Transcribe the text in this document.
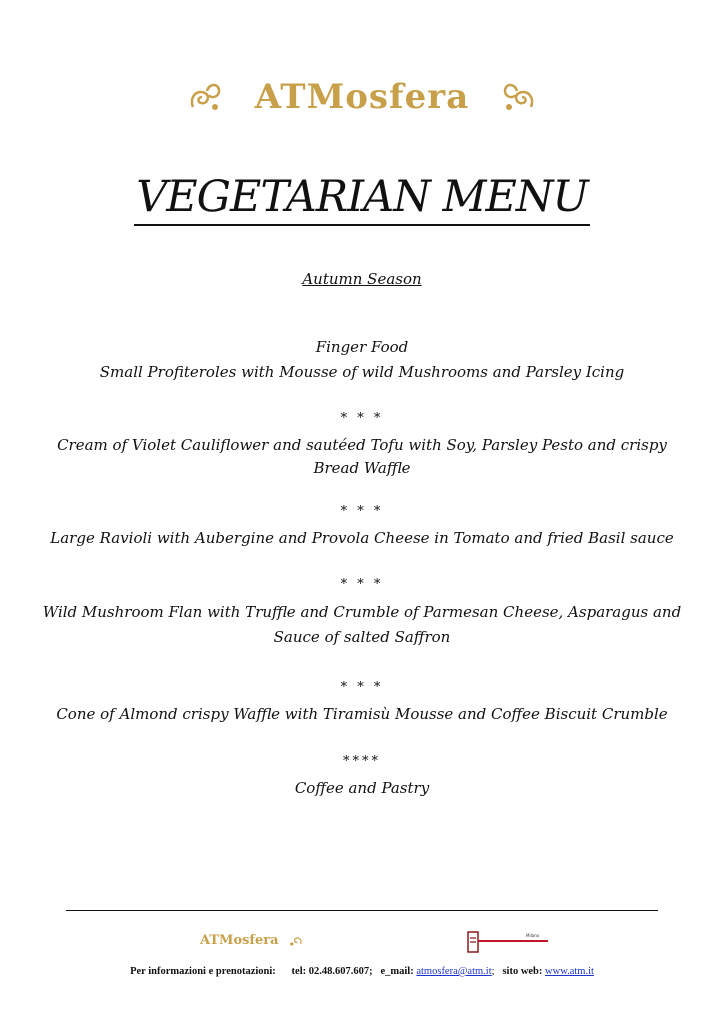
ATMosfera
VEGETARIAN MENU
Autumn Season
Finger Food
Small Profiteroles with Mousse of wild Mushrooms and Parsley Icing
* * *
Cream of Violet Cauliflower and sautéed Tofu with Soy, Parsley Pesto and crispy
Bread Waffle
* * *
Large Ravioli with Aubergine and Provola Cheese in Tomato and fried Basil sauce
* * *
Wild Mushroom Flan with Truffle and Crumble of Parmesan Cheese, Asparagus and
Sauce of salted Saffron
* * *
Cone of Almond crispy Waffle with Tiramisù Mousse and Coffee Biscuit Crumble
****
Coffee and Pastry
ATMosfera	Milano
Per informazioni e prenotazioni: tel: 02.48.607.607; e_mail: atmosfera@atm.it; sito web: www.atm.it
